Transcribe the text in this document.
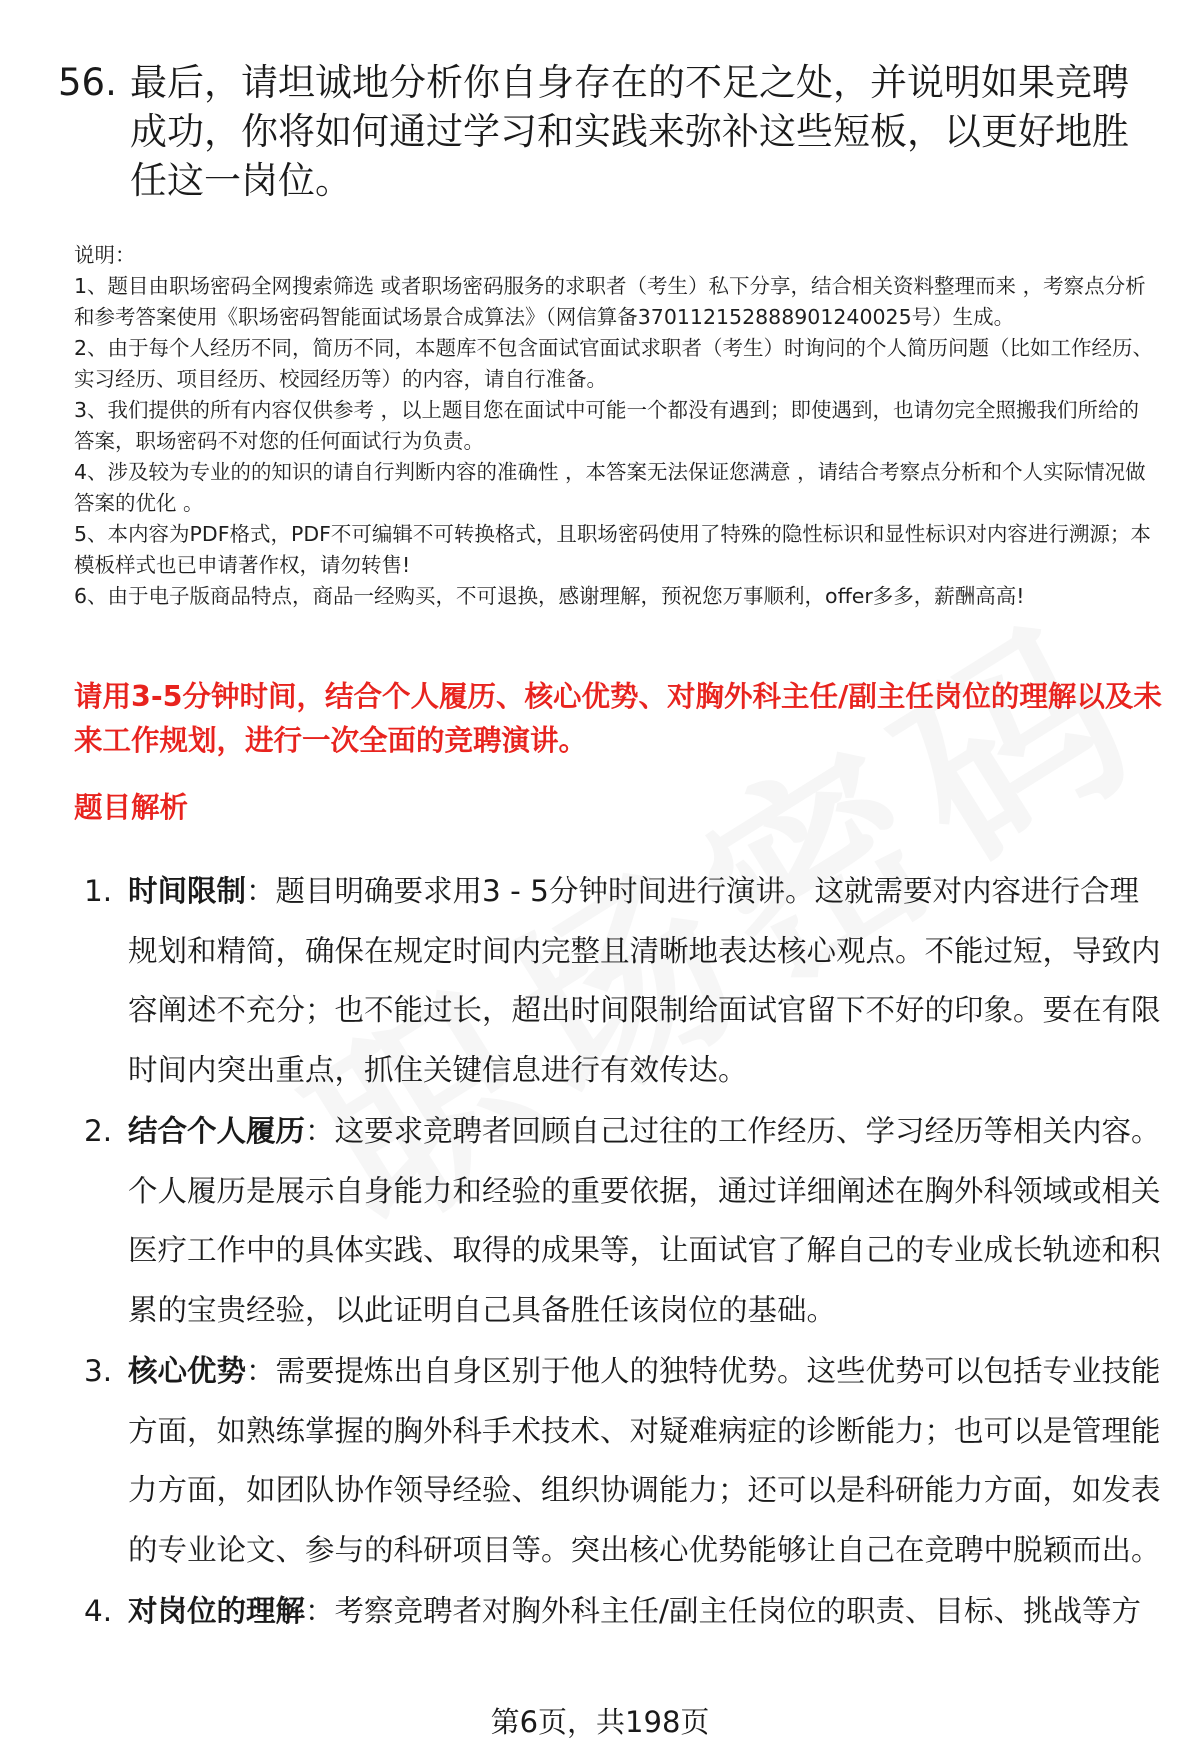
56. 最后，请坦诚地分析你自身存在的不足之处，并说明如果竞聘成功，你将如何通过学习和实践来弥补这些短板，以更好地胜任这一岗位。

说明：

1、题目由职场密码全网搜索筛选 或者职场密码服务的求职者（考生）私下分享，结合相关资料整理而来 ，考察点分析和参考答案使用《职场密码智能面试场景合成算法》（网信算备370112152888901240025号）生成。

2、由于每个人经历不同，简历不同，本题库不包含面试官面试求职者（考生）时询问的个人简历问题（比如工作经历、实习经历、项目经历、校园经历等）的内容，请自行准备。

3、我们提供的所有内容仅供参考 ，以上题目您在面试中可能一个都没有遇到；即使遇到，也请勿完全照搬我们所给的答案，职场密码不对您的任何面试行为负责。

4、涉及较为专业的的知识的请自行判断内容的准确性 ，本答案无法保证您满意 ，请结合考察点分析和个人实际情况做答案的优化 。

5、本内容为PDF格式，PDF不可编辑不可转换格式，且职场密码使用了特殊的隐性标识和显性标识对内容进行溯源；本模板样式也已申请著作权，请勿转售!

6、由于电子版商品特点，商品一经购买，不可退换，感谢理解，预祝您万事顺利，offer多多，薪酬高高!

请用3-5分钟时间，结合个人履历、核心优势、对胸外科主任/副主任岗位的理解以及未来工作规划，进行一次全面的竞聘演讲。
题目解析
1. 时间限制：题目明确要求用3 - 5分钟时间进行演讲。这就需要对内容进行合理规划和精简，确保在规定时间内完整且清晰地表达核心观点。不能过短，导致内容阐述不充分；也不能过长，超出时间限制给面试官留下不好的印象。要在有限时间内突出重点，抓住关键信息进行有效传达。
2. 结合个人履历：这要求竞聘者回顾自己过往的工作经历、学习经历等相关内容。个人履历是展示自身能力和经验的重要依据，通过详细阐述在胸外科领域或相关医疗工作中的具体实践、取得的成果等，让面试官了解自己的专业成长轨迹和积累的宝贵经验，以此证明自己具备胜任该岗位的基础。
3. 核心优势：需要提炼出自身区别于他人的独特优势。这些优势可以包括专业技能方面，如熟练掌握的胸外科手术技术、对疑难病症的诊断能力；也可以是管理能力方面，如团队协作领导经验、组织协调能力；还可以是科研能力方面，如发表的专业论文、参与的科研项目等。突出核心优势能够让自己在竞聘中脱颖而出。
4. 对岗位的理解：考察竞聘者对胸外科主任/副主任岗位的职责、目标、挑战等方
第6页，共198页
